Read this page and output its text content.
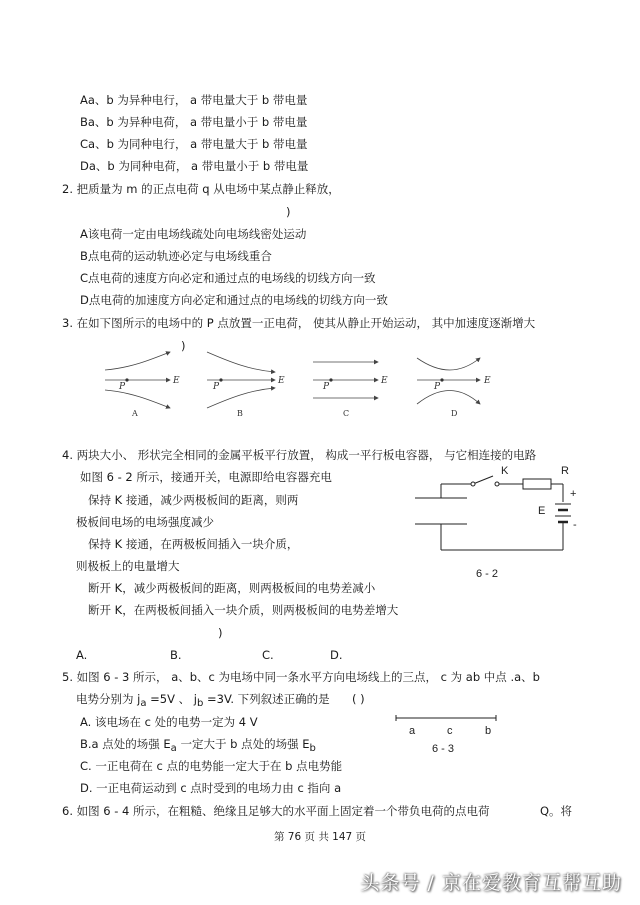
Aa、b 为异种电行， a 带电量大于 b 带电量
Ba、b 为异种电荷， a 带电量小于 b 带电量
Ca、b 为同种电行， a 带电量大于 b 带电量
Da、b 为同种电荷， a 带电量小于 b 带电量
2. 把质量为 m 的正点电荷 q 从电场中某点静止释放，
)
A该电荷一定由电场线疏处向电场线密处运动
B点电荷的运动轨迹必定与电场线重合
C点电荷的速度方向必定和通过点的电场线的切线方向一致
D点电荷的加速度方向必定和通过点的电场线的切线方向一致
3. 在如下图所示的电场中的 P 点放置一正电荷， 使其从静止开始运动， 其中加速度逐渐增大
)
P
E
A
P
E
B
P
E
C
P
E
D
4. 两块大小、 形状完全相同的金属平板平行放置， 构成一平行板电容器， 与它相连接的电路
如图 6 - 2 所示，接通开关，电源即给电容器充电
保持 K 接通，减少两极板间的距离，则两
极板间电场的电场强度减少
保持 K 接通，在两极板间插入一块介质，
则极板上的电量增大
断开 K，减少两极板间的距离，则两极板间的电势差减小
断开 K，在两极板间插入一块介质，则两极板间的电势差增大
)
A.	B.	C.	D.
K	R
E
+
-
6 - 2
5. 如图 6 - 3 所示， a、b、c 为电场中同一条水平方向电场线上的三点， c 为 ab 中点 .a、b
电势分别为 ja =5V 、 jb =3V. 下列叙述正确的是 ( )
A. 该电场在 c 处的电势一定为 4 V
B.a 点处的场强 Ea 一定大于 b 点处的场强 Eb
C. 一正电荷在 c 点的电势能一定大于在 b 点电势能
D. 一正电荷运动到 c 点时受到的电场力由 c 指向 a
a	c	b
6 - 3
6. 如图 6 - 4 所示，在粗糙、绝缘且足够大的水平面上固定着一个带负电荷的点电荷	Q。将
第 76 页 共 147 页
头条号 / 京在爱教育互帮互助
